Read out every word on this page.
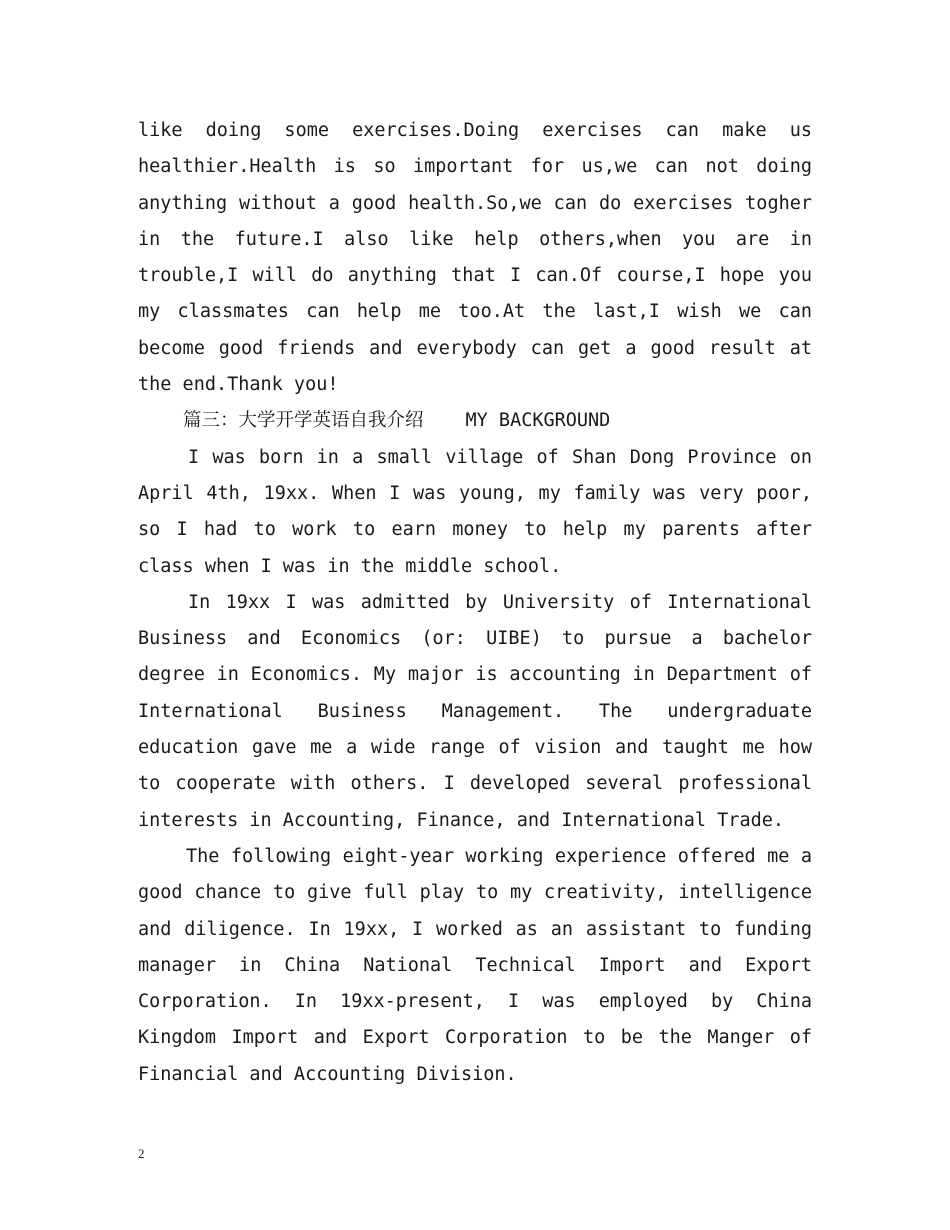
like doing some exercises.Doing exercises can make us healthier.Health is so important for us,we can not doing anything without a good health.So,we can do exercises togher in the future.I also like help others,when you are in trouble,I will do anything that I can.Of course,I hope you my classmates can help me too.At the last,I wish we can become good friends and everybody can get a good result at the end.Thank you!

篇三：大学开学英语自我介绍 MY BACKGROUND

I was born in a small village of Shan Dong Province on April 4th, 19xx. When I was young, my family was very poor, so I had to work to earn money to help my parents after class when I was in the middle school.

In 19xx I was admitted by University of International Business and Economics (or: UIBE) to pursue a bachelor degree in Economics. My major is accounting in Department of International Business Management. The undergraduate education gave me a wide range of vision and taught me how to cooperate with others. I developed several professional interests in Accounting, Finance, and International Trade.

The following eight-year working experience offered me a good chance to give full play to my creativity, intelligence and diligence. In 19xx, I worked as an assistant to funding manager in China National Technical Import and Export Corporation. In 19xx-present, I was employed by China Kingdom Import and Export Corporation to be the Manger of Financial and Accounting Division.

2
